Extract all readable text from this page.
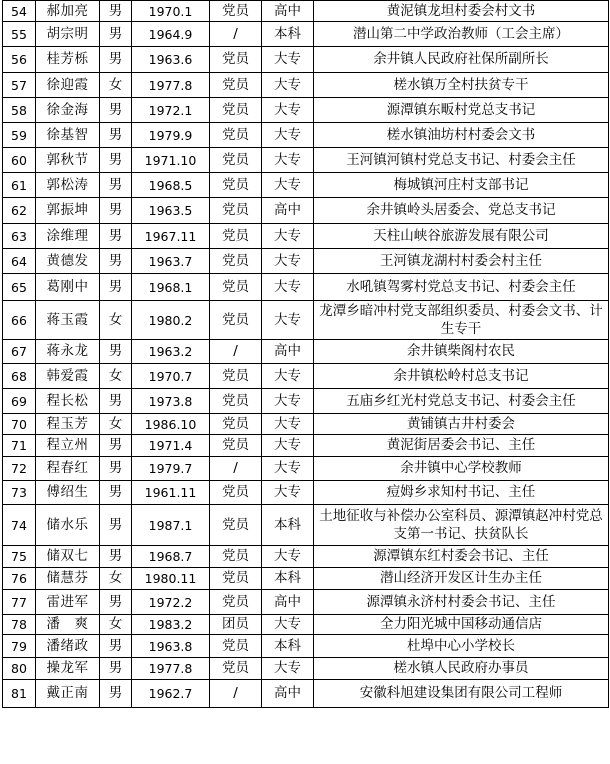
54	郝加亮	男	1970.1	党员	高中	黄泥镇龙坦村委会村文书
55	胡宗明	男	1964.9	/	本科	潜山第二中学政治教师（工会主席）
56	桂芳栎	男	1963.6	党员	大专	余井镇人民政府社保所副所长
57	徐迎霞	女	1977.8	党员	大专	槎水镇万全村扶贫专干
58	徐金海	男	1972.1	党员	大专	源潭镇东畈村党总支书记
59	徐基智	男	1979.9	党员	大专	槎水镇油坊村村委会文书
60	郭秋节	男	1971.10	党员	大专	王河镇河镇村党总支书记、村委会主任
61	郭松涛	男	1968.5	党员	大专	梅城镇河庄村支部书记
62	郭振坤	男	1963.5	党员	高中	余井镇岭头居委会、党总支书记
63	涂维理	男	1967.11	党员	大专	天柱山峡谷旅游发展有限公司
64	黄德发	男	1963.7	党员	大专	王河镇龙湖村村委会村主任
65	葛刚中	男	1968.1	党员	大专	水吼镇驾雾村党总支书记、村委会主任
66	蒋玉霞	女	1980.2	党员	大专	龙潭乡暗冲村党支部组织委员、村委会文书、计生专干
67	蒋永龙	男	1963.2	/	高中	余井镇柴阁村农民
68	韩爱霞	女	1970.7	党员	大专	余井镇松岭村总支书记
69	程长松	男	1973.8	党员	大专	五庙乡红光村党总支书记、村委会主任
70	程玉芳	女	1986.10	党员	大专	黄铺镇古井村委会
71	程立州	男	1971.4	党员	大专	黄泥街居委会书记、主任
72	程春红	男	1979.7	/	大专	余井镇中心学校教师
73	傅绍生	男	1961.11	党员	大专	痘姆乡求知村书记、主任
74	储水乐	男	1987.1	党员	本科	土地征收与补偿办公室科员、源潭镇赵冲村党总支第一书记、扶贫队长
75	储双七	男	1968.7	党员	大专	源潭镇东红村委会书记、主任
76	储慧芬	女	1980.11	党员	本科	潜山经济开发区计生办主任
77	雷进军	男	1972.2	党员	高中	源潭镇永济村村委会书记、主任
78	潘　爽	女	1983.2	团员	大专	全力阳光城中国移动通信店
79	潘绪政	男	1963.8	党员	本科	杜埠中心小学校长
80	操龙军	男	1977.8	党员	大专	槎水镇人民政府办事员
81	戴正南	男	1962.7	/	高中	安徽科旭建设集团有限公司工程师
